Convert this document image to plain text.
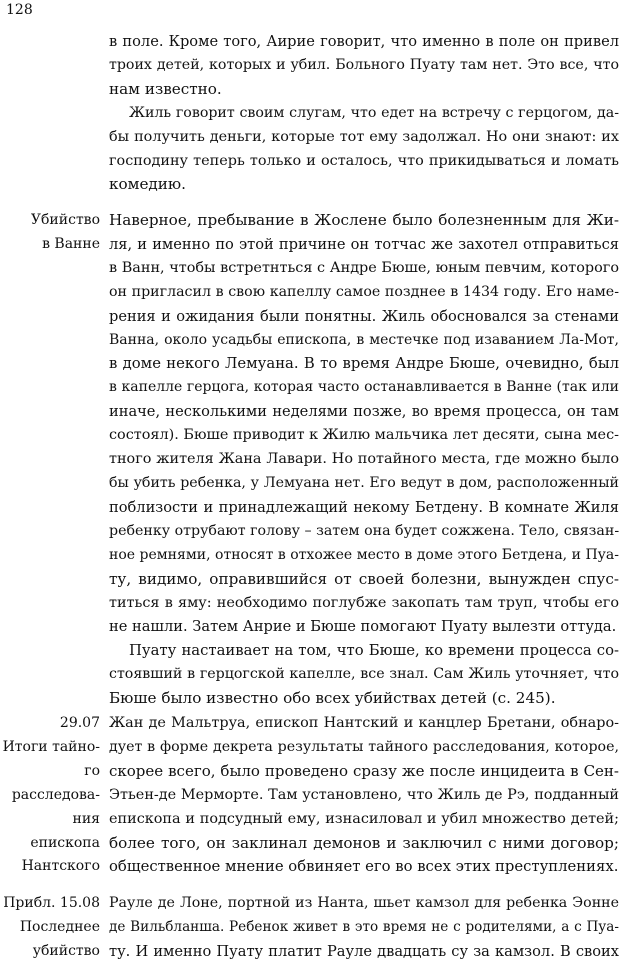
128
в поле. Кроме того, Аирие говорит, что именно в поле он привел
троих детей, которых и убил. Больного Пуату там нет. Это все, что
нам известно.
Жиль говорит своим слугам, что едет на встречу с герцогом, да-
бы получить деньги, которые тот ему задолжал. Но они знают: их
господину теперь только и осталось, что прикидываться и ломать
комедию.
Убийство
в Ванне
Наверное, пребывание в Жослене было болезненным для Жи-
ля, и именно по этой причине он тотчас же захотел отправиться
в Ванн, чтобы встретнться с Андре Бюше, юным певчим, которого
он пригласил в свою капеллу самое позднее в 1434 году. Его наме-
рения и ожидания были понятны. Жиль обосновался за стенами
Ванна, около усадьбы епископа, в местечке под изаванием Ла-Мот,
в доме некого Лемуана. В то время Андре Бюше, очевидно, был
в капелле герцога, которая часто останавливается в Ванне (так или
иначе, несколькими неделями позже, во время процесса, он там
состоял). Бюше приводит к Жилю мальчика лет десяти, сына мес-
тного жителя Жана Лавари. Но потайного места, где можно было
бы убить ребенка, у Лемуана нет. Его ведут в дом, расположенный
поблизости и принадлежащий некому Бетдену. В комнате Жиля
ребенку отрубают голову – затем она будет сожжена. Тело, связан-
ное ремнями, относят в отхожее место в доме этого Бетдена, и Пуа-
ту, видимо, оправившийся от своей болезни, вынужден спус-
титься в яму: необходимо поглубже закопать там труп, чтобы его
не нашли. Затем Анрие и Бюше помогают Пуату вылезти оттуда.
Пуату настаивает на том, что Бюше, ко времени процесса со-
стоявший в герцогской капелле, все знал. Сам Жиль уточняет, что
Бюше было известно обо всех убийствах детей (с. 245).
29.07
Итоги тайно-
го расследова-
ния епископа
Нантского
Жан де Мальтруа, епископ Нантский и канцлер Бретани, обнаро-
дует в форме декрета результаты тайного расследования, которое,
скорее всего, было проведено сразу же после инцидеита в Сен-
Этьен-де Мерморте. Там установлено, что Жиль де Рэ, подданный
епископа и подсудный ему, изнасиловал и убил множество детей;
более того, он заклинал демонов и заключил с ними договор;
общественное мнение обвиняет его во всех этих преступлениях.
Прибл. 15.08
Последнее
убийство
Рауле де Лоне, портной из Нанта, шьет камзол для ребенка Эонне
де Вильбланша. Ребенок живет в это время не с родителями, а с Пуа-
ту. И именно Пуату платит Рауле двадцать су за камзол. В своих
